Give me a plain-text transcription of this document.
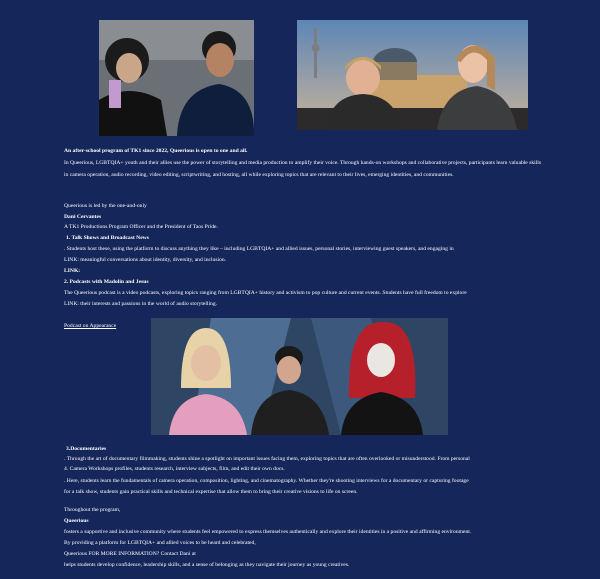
An after-school program of TK1 since 2022, Queerious is open to one and all.
In Queerious, LGBTQIA+ youth and their allies use the power of storytelling and media production to amplify their voice. Through hands-on workshops and collaborative projects, participants learn valuable skills in camera operation, audio recording, video editing, scriptwriting, and hosting, all while exploring topics that are relevant to their lives, emerging identities, and communities.
Queerious is led by the one-and-only
Dani Cervantes
A TK1 Productions Program Officer and the President of Taos Pride.
1. Talk Shows and Broadcast News
. Students host these, using the platform to discuss anything they like – including LGBTQIA+ and allied issues, personal stories, interviewing guest speakers, and engaging in
LINK: meaningful conversations about identity, diversity, and inclusion.
LINK:
2. Podcasts with Madolin and Jesus
The Queerious podcast is a video podcasts, exploring topics ranging from LGBTQIA+ history and activism to pop culture and current events. Students have full freedom to explore
LINK: their interests and passions in the world of audio storytelling.
Podcast on Appearance
3.Documentaries
. Through the art of documentary filmmaking, students shine a spotlight on important issues facing them, exploring topics that are often overlooked or misunderstood. From personal
4. Camera Workshops profiles, students research, interview subjects, film, and edit their own docs.
. Here, students learn the fundamentals of camera operation, composition, lighting, and cinematography. Whether they're shooting interviews for a documentary or capturing footage
for a talk show, students gain practical skills and technical expertise that allow them to bring their creative visions to life on screen.
Throughout the program,
Queerious
fosters a supportive and inclusive community where students feel empowered to express themselves authentically and explore their identities in a positive and affirming environment.
By providing a platform for LGBTQIA+ and allied voices to be heard and celebrated,
Queerious FOR MORE INFORMATION? Contact Dani at
helps students develop confidence, leadership skills, and a sense of belonging as they navigate their journey as young creatives.
